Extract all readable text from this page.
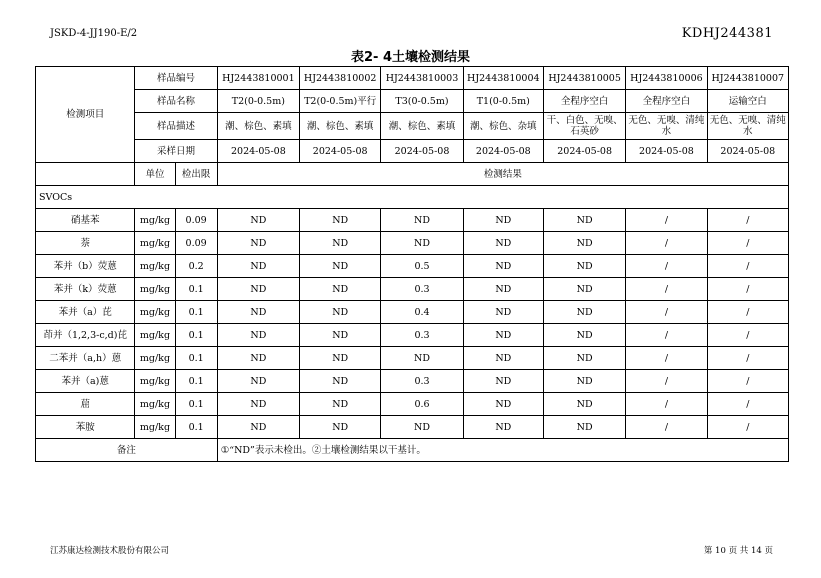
JSKD-4-JJ190-E/2	KDHJ244381
表2- 4土壤检测结果
检测项目	样品编号		HJ2443810001	HJ2443810002	HJ2443810003	HJ2443810004	HJ2443810005	HJ2443810006	HJ2443810007
	样品名称		T2(0-0.5m)	T2(0-0.5m)平行	T3(0-0.5m)	T1(0-0.5m)	全程序空白	全程序空白	运输空白
	样品描述		潮、棕色、素填	潮、棕色、素填	潮、棕色、素填	潮、棕色、杂填	干、白色、无嗅、石英砂	无色、无嗅、清纯水	无色、无嗅、清纯水
	采样日期		2024-05-08	2024-05-08	2024-05-08	2024-05-08	2024-05-08	2024-05-08	2024-05-08
	单位	检出限	检测结果						
SVOCs									
硝基苯	mg/kg	0.09	ND	ND	ND	ND	ND	/	/
萘	mg/kg	0.09	ND	ND	ND	ND	ND	/	/
苯并（b）荧蒽	mg/kg	0.2	ND	ND	0.5	ND	ND	/	/
苯并（k）荧蒽	mg/kg	0.1	ND	ND	0.3	ND	ND	/	/
苯并（a）芘	mg/kg	0.1	ND	ND	0.4	ND	ND	/	/
茚并（1,2,3-c,d)芘	mg/kg	0.1	ND	ND	0.3	ND	ND	/	/
二苯并（a,h）蒽	mg/kg	0.1	ND	ND	ND	ND	ND	/	/
苯并（a)蒽	mg/kg	0.1	ND	ND	0.3	ND	ND	/	/
䓛	mg/kg	0.1	ND	ND	0.6	ND	ND	/	/
苯胺	mg/kg	0.1	ND	ND	ND	ND	ND	/	/
备注			①“ND”表示未检出。②土壤检测结果以干基计。						
江苏康达检测技术股份有限公司	第 10 页 共 14 页
